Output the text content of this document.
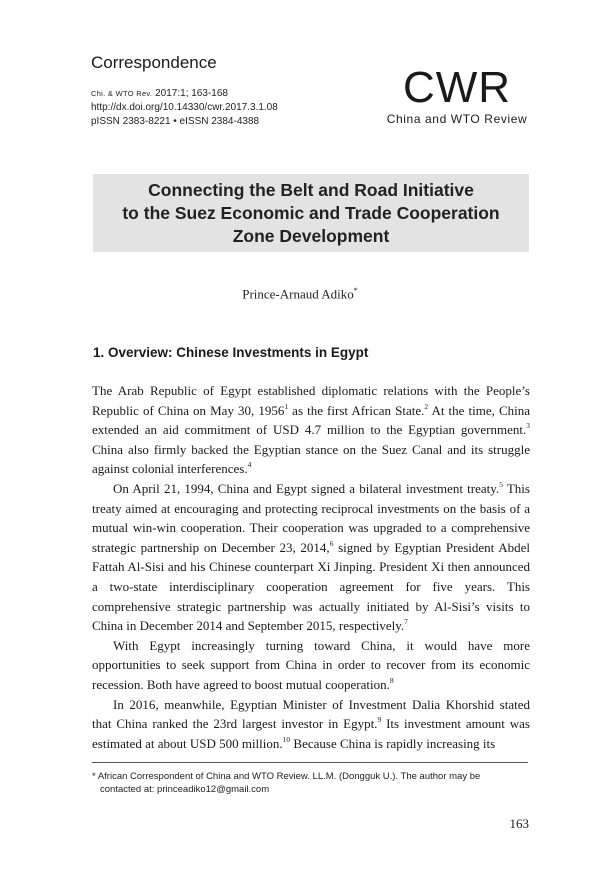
Correspondence
Chi. & WTO Rev. 2017:1; 163-168
http://dx.doi.org/10.14330/cwr.2017.3.1.08
pISSN 2383-8221 • eISSN 2384-4388
CWR
China and WTO Review
Connecting the Belt and Road Initiative
to the Suez Economic and Trade Cooperation
Zone Development
Prince-Arnaud Adiko*
1. Overview: Chinese Investments in Egypt

The Arab Republic of Egypt established diplomatic relations with the People’s Republic of China on May 30, 1956$^1$ as the first African State.$^2$ At the time, China extended an aid commitment of USD 4.7 million to the Egyptian government.$^3$ China also firmly backed the Egyptian stance on the Suez Canal and its struggle against colonial interferences.$^4$

On April 21, 1994, China and Egypt signed a bilateral investment treaty.$^5$ This treaty aimed at encouraging and protecting reciprocal investments on the basis of a mutual win-win cooperation. Their cooperation was upgraded to a comprehensive strategic partnership on December 23, 2014,$^6$ signed by Egyptian President Abdel Fattah Al-Sisi and his Chinese counterpart Xi Jinping. President Xi then announced a two-state interdisciplinary cooperation agreement for five years. This comprehensive strategic partnership was actually initiated by Al-Sisi’s visits to China in December 2014 and September 2015, respectively.$^7$

With Egypt increasingly turning toward China, it would have more opportunities to seek support from China in order to recover from its economic recession. Both have agreed to boost mutual cooperation.$^8$

In 2016, meanwhile, Egyptian Minister of Investment Dalia Khorshid stated that China ranked the 23rd largest investor in Egypt.$^9$ Its investment amount was estimated at about USD 500 million.$^{10}$ Because China is rapidly increasing its

* African Correspondent of China and WTO Review. LL.M. (Dongguk U.). The author may be
contacted at: princeadiko12@gmail.com
163
